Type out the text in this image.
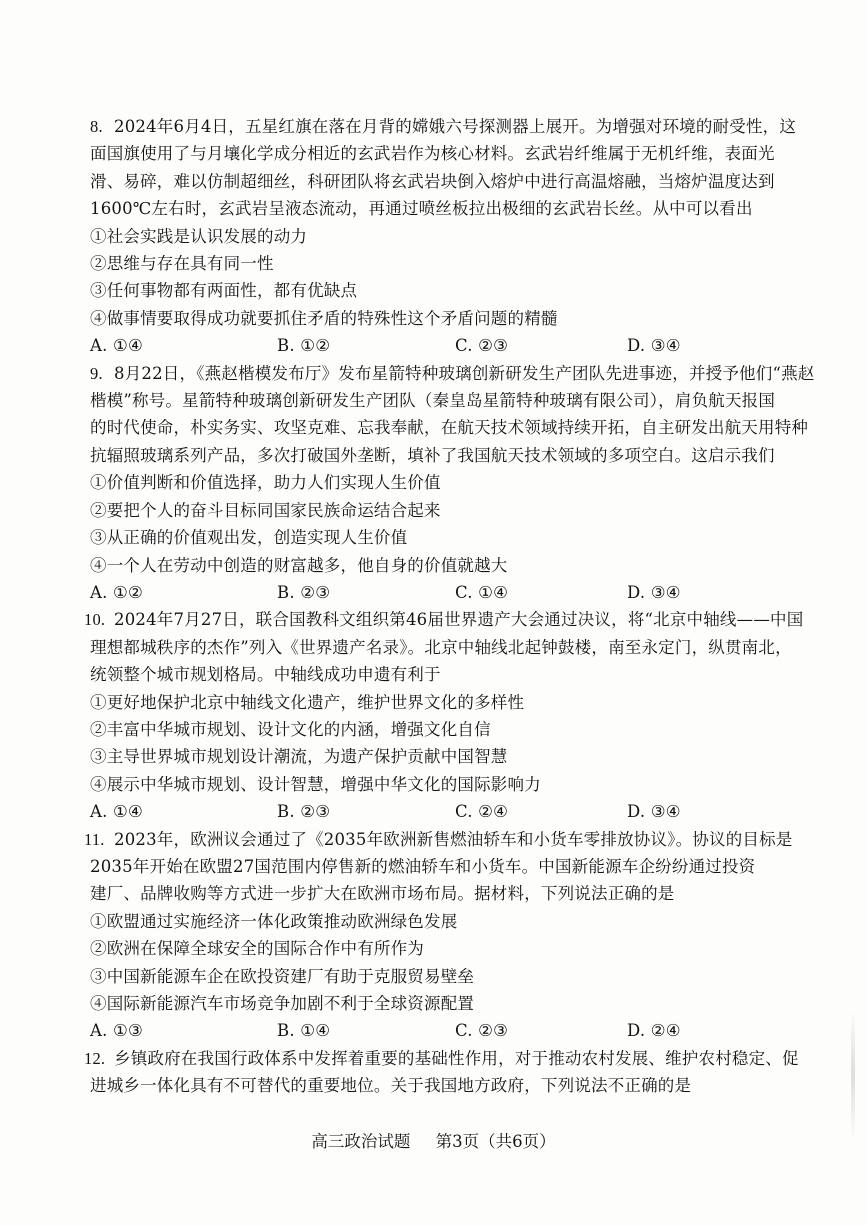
8. 2024年6月4日，五星红旗在落在月背的嫦娥六号探测器上展开。为增强对环境的耐受性，这
面国旗使用了与月壤化学成分相近的玄武岩作为核心材料。玄武岩纤维属于无机纤维，表面光
滑、易碎，难以仿制超细丝，科研团队将玄武岩块倒入熔炉中进行高温熔融，当熔炉温度达到
1600℃左右时，玄武岩呈液态流动，再通过喷丝板拉出极细的玄武岩长丝。从中可以看出
①社会实践是认识发展的动力
②思维与存在具有同一性
③任何事物都有两面性，都有优缺点
④做事情要取得成功就要抓住矛盾的特殊性这个矛盾问题的精髓
A. ①④	B. ①②	C. ②③	D. ③④
9. 8月22日，《燕赵楷模发布厅》发布星箭特种玻璃创新研发生产团队先进事迹，并授予他们“燕赵
楷模”称号。星箭特种玻璃创新研发生产团队（秦皇岛星箭特种玻璃有限公司），肩负航天报国
的时代使命，朴实务实、攻坚克难、忘我奉献，在航天技术领域持续开拓，自主研发出航天用特种
抗辐照玻璃系列产品，多次打破国外垄断，填补了我国航天技术领域的多项空白。这启示我们
①价值判断和价值选择，助力人们实现人生价值
②要把个人的奋斗目标同国家民族命运结合起来
③从正确的价值观出发，创造实现人生价值
④一个人在劳动中创造的财富越多，他自身的价值就越大
A. ①②	B. ②③	C. ①④	D. ③④
10. 2024年7月27日，联合国教科文组织第46届世界遗产大会通过决议，将“北京中轴线——中国
理想都城秩序的杰作”列入《世界遗产名录》。北京中轴线北起钟鼓楼，南至永定门，纵贯南北，
统领整个城市规划格局。中轴线成功申遗有利于
①更好地保护北京中轴线文化遗产，维护世界文化的多样性
②丰富中华城市规划、设计文化的内涵，增强文化自信
③主导世界城市规划设计潮流，为遗产保护贡献中国智慧
④展示中华城市规划、设计智慧，增强中华文化的国际影响力
A. ①④	B. ②③	C. ②④	D. ③④
11. 2023年，欧洲议会通过了《2035年欧洲新售燃油轿车和小货车零排放协议》。协议的目标是
2035年开始在欧盟27国范围内停售新的燃油轿车和小货车。中国新能源车企纷纷通过投资
建厂、品牌收购等方式进一步扩大在欧洲市场布局。据材料，下列说法正确的是
①欧盟通过实施经济一体化政策推动欧洲绿色发展
②欧洲在保障全球安全的国际合作中有所作为
③中国新能源车企在欧投资建厂有助于克服贸易壁垒
④国际新能源汽车市场竞争加剧不利于全球资源配置
A. ①③	B. ①④	C. ②③	D. ②④
12. 乡镇政府在我国行政体系中发挥着重要的基础性作用，对于推动农村发展、维护农村稳定、促
进城乡一体化具有不可替代的重要地位。关于我国地方政府，下列说法不正确的是
高三政治试题 第3页（共6页）
